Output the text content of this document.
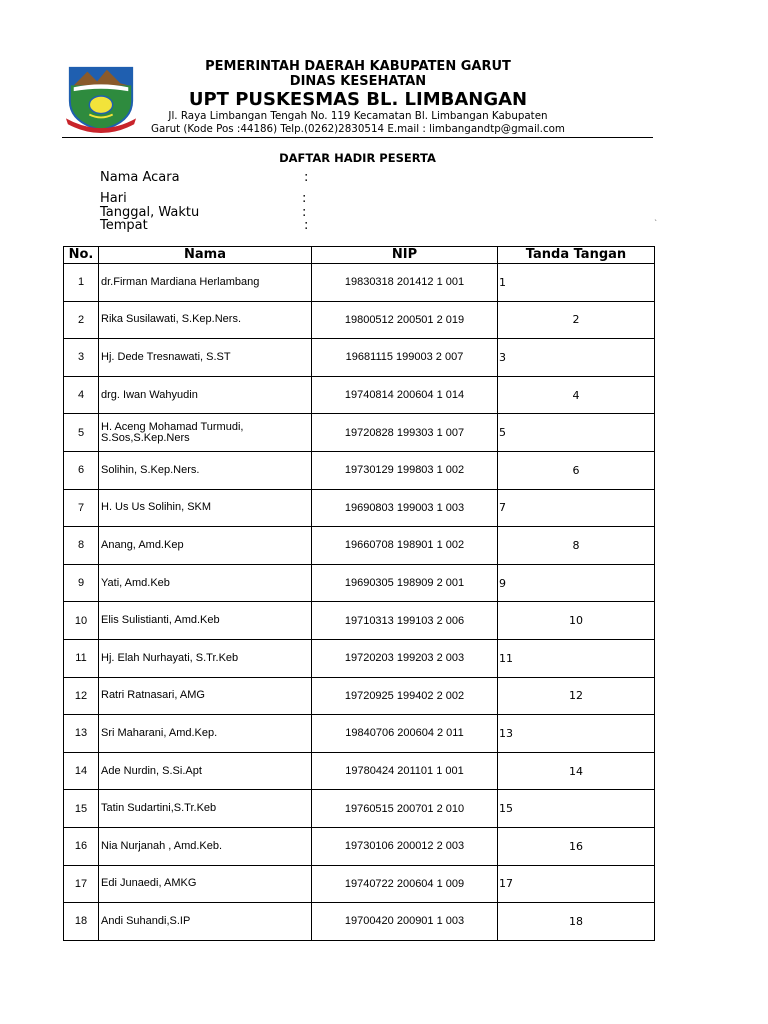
PEMERINTAH DAERAH KABUPATEN GARUT
DINAS KESEHATAN
UPT PUSKESMAS BL. LIMBANGAN
Jl. Raya Limbangan Tengah No. 119 Kecamatan Bl. Limbangan Kabupaten
Garut (Kode Pos :44186) Telp.(0262)2830514 E.mail : limbangandtp@gmail.com
DAFTAR HADIR PESERTA
Nama Acara	:
Hari	:
Tanggal, Waktu	:
Tempat	:	`
No.	Nama	NIP	Tanda Tangan
1	dr.Firman Mardiana Herlambang	19830318 201412 1 001	1
2	Rika Susilawati, S.Kep.Ners.	19800512 200501 2 019	2
3	Hj. Dede Tresnawati, S.ST	19681115 199003 2 007	3
4	drg. Iwan Wahyudin	19740814 200604 1 014	4
5	H. Aceng Mohamad Turmudi, S.Sos,S.Kep.Ners	19720828 199303 1 007	5
6	Solihin, S.Kep.Ners.	19730129 199803 1 002	6
7	H. Us Us Solihin, SKM	19690803 199003 1 003	7
8	Anang, Amd.Kep	19660708 198901 1 002	8
9	Yati, Amd.Keb	19690305 198909 2 001	9
10	Elis Sulistianti, Amd.Keb	19710313 199103 2 006	10
11	Hj. Elah Nurhayati, S.Tr.Keb	19720203 199203 2 003	11
12	Ratri Ratnasari, AMG	19720925 199402 2 002	12
13	Sri Maharani, Amd.Kep.	19840706 200604 2 011	13
14	Ade Nurdin, S.Si.Apt	19780424 201101 1 001	14
15	Tatin Sudartini,S.Tr.Keb	19760515 200701 2 010	15
16	Nia Nurjanah , Amd.Keb.	19730106 200012 2 003	16
17	Edi Junaedi, AMKG	19740722 200604 1 009	17
18	Andi Suhandi,S.IP	19700420 200901 1 003	18
